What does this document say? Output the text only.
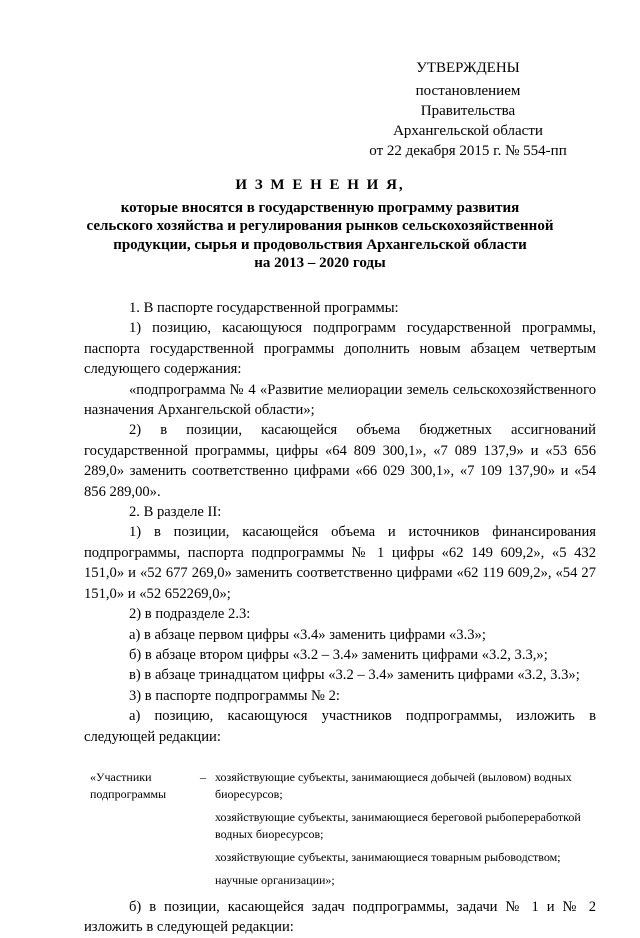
УТВЕРЖДЕНЫ
постановлением Правительства
Архангельской области
от 22 декабря 2015 г. № 554-пп
И З М Е Н Е Н И Я,
которые вносятся в государственную программу развития
сельского хозяйства и регулирования рынков сельскохозяйственной
продукции, сырья и продовольствия Архангельской области
на 2013 – 2020 годы

1. В паспорте государственной программы:

1) позицию, касающуюся подпрограмм государственной программы, паспорта государственной программы дополнить новым абзацем четвертым следующего содержания:

«подпрограмма № 4 «Развитие мелиорации земель сельскохозяйственного назначения Архангельской области»;

2) в позиции, касающейся объема бюджетных ассигнований государственной программы, цифры «64 809 300,1», «7 089 137,9» и «53 656 289,0» заменить соответственно цифрами «66 029 300,1», «7 109 137,90» и «54 856 289,00».

2. В разделе II:

1) в позиции, касающейся объема и источников финансирования подпрограммы, паспорта подпрограммы № 1 цифры «62 149 609,2», «5 432 151,0» и «52 677 269,0» заменить соответственно цифрами «62 119 609,2», «54 27 151,0» и «52 652269,0»;

2) в подразделе 2.3:

а) в абзаце первом цифры «3.4» заменить цифрами «3.3»;

б) в абзаце втором цифры «3.2 – 3.4» заменить цифрами «3.2, 3.3,»;

в) в абзаце тринадцатом цифры «3.2 – 3.4» заменить цифрами «3.2, 3.3»;

3) в паспорте подпрограммы № 2:

а) позицию, касающуюся участников подпрограммы, изложить в следующей редакции:

«Участники подпрограммы
– хозяйствующие субъекты, занимающиеся добычей (выловом) водных биоресурсов;
хозяйствующие субъекты, занимающиеся береговой рыбопереработкой водных биоресурсов;
хозяйствующие субъекты, занимающиеся товарным рыбоводством;
научные организации»;

б) в позиции, касающейся задач подпрограммы, задачи № 1 и № 2 изложить в следующей редакции:
